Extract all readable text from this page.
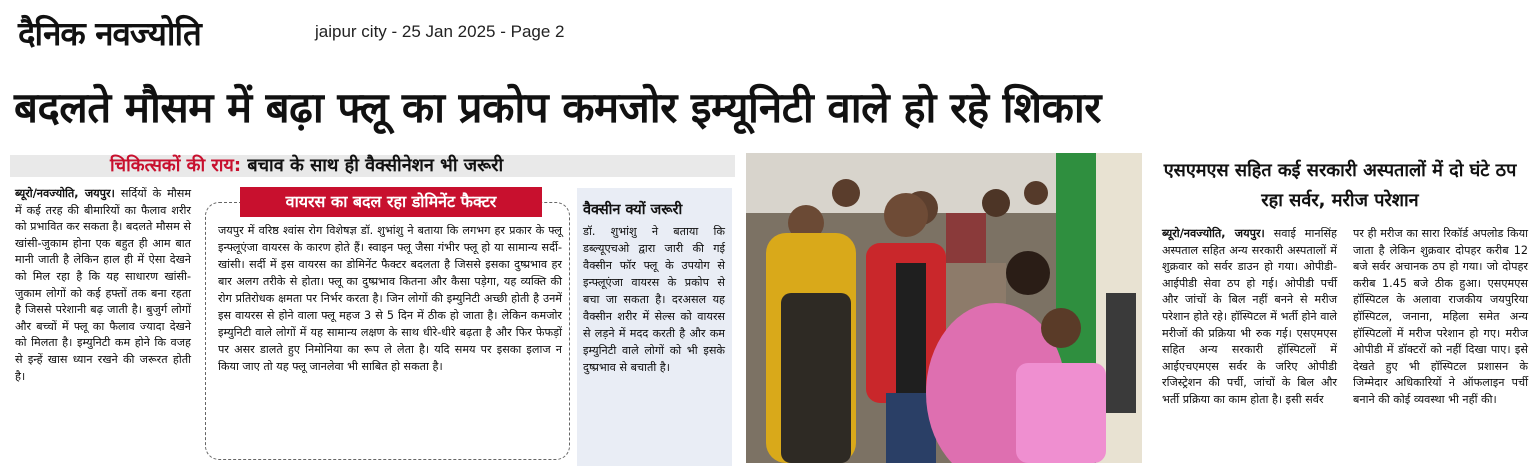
दैनिक नवज्योति	jaipur city - 25 Jan 2025 - Page 2
बदलते मौसम में बढ़ा फ्लू का प्रकोप कमजोर इम्यूनिटी वाले हो रहे शिकार
चिकित्सकों की राय: बचाव के साथ ही वैक्सीनेशन भी जरूरी
ब्यूरो/नवज्योति, जयपुर। सर्दियों के मौसम में कई तरह की बीमारियों का फैलाव शरीर को प्रभावित कर सकता है। बदलते मौसम से खांसी-जुकाम होना एक बहुत ही आम बात मानी जाती है लेकिन हाल ही में ऐसा देखने को मिल रहा है कि यह साधारण खांसी-जुकाम लोगों को कई हफ्तों तक बना रहता है जिससे परेशानी बढ़ जाती है। बुजुर्ग लोगों और बच्चों में फ्लू का फैलाव ज्यादा देखने को मिलता है। इम्युनिटी कम होने कि वजह से इन्हें खास ध्यान रखने की जरूरत होती है।
वायरस का बदल रहा डोमिनेंट फैक्टर
जयपुर में वरिष्ठ श्वांस रोग विशेषज्ञ डॉ. शुभांशु ने बताया कि लगभग हर प्रकार के फ्लू इन्फ्लूएंजा वायरस के कारण होते हैं। स्वाइन फ्लू जैसा गंभीर फ्लू हो या सामान्य सर्दी-खांसी। सर्दी में इस वायरस का डोमिनेंट फैक्टर बदलता है जिससे इसका दुष्प्रभाव हर बार अलग तरीके से होता। फ्लू का दुष्प्रभाव कितना और कैसा पड़ेगा, यह व्यक्ति की रोग प्रतिरोधक क्षमता पर निर्भर करता है। जिन लोगों की इम्युनिटी अच्छी होती है उनमें इस वायरस से होने वाला फ्लू महज 3 से 5 दिन में ठीक हो जाता है। लेकिन कमजोर इम्युनिटी वाले लोगों में यह सामान्य लक्षण के साथ धीरे-धीरे बढ़ता है और फिर फेफड़ों पर असर डालते हुए निमोनिया का रूप ले लेता है। यदि समय पर इसका इलाज न किया जाए तो यह फ्लू जानलेवा भी साबित हो सकता है।
वैक्सीन क्यों जरूरी
डॉ. शुभांशु ने बताया कि डब्ल्यूएचओ द्वारा जारी की गई वैक्सीन फॉर फ्लू के उपयोग से इन्फ्लूएंजा वायरस के प्रकोप से बचा जा सकता है। दरअसल यह वैक्सीन शरीर में सेल्स को वायरस से लड़ने में मदद करती है और कम इम्युनिटी वाले लोगों को भी इसके दुष्प्रभाव से बचाती है।
एसएमएस सहित कई सरकारी अस्पतालों में दो घंटे ठप रहा सर्वर, मरीज परेशान
ब्यूरो/नवज्योति, जयपुर। सवाई मानसिंह अस्पताल सहित अन्य सरकारी अस्पतालों में शुक्रवार को सर्वर डाउन हो गया। ओपीडी-आईपीडी सेवा ठप हो गई। ओपीडी पर्ची और जांचों के बिल नहीं बनने से मरीज परेशान होते रहे। हॉस्पिटल में भर्ती होने वाले मरीजों की प्रक्रिया भी रुक गई। एसएमएस सहित अन्य सरकारी हॉस्पिटलों में आईएचएमएस सर्वर के जरिए ओपीडी रजिस्ट्रेशन की पर्ची, जांचों के बिल और भर्ती प्रक्रिया का काम होता है। इसी सर्वर
पर ही मरीज का सारा रिकॉर्ड अपलोड किया जाता है लेकिन शुक्रवार दोपहर करीब 12 बजे सर्वर अचानक ठप हो गया। जो दोपहर करीब 1.45 बजे ठीक हुआ। एसएमएस हॉस्पिटल के अलावा राजकीय जयपुरिया हॉस्पिटल, जनाना, महिला समेत अन्य हॉस्पिटलों में मरीज परेशान हो गए। मरीज ओपीडी में डॉक्टरों को नहीं दिखा पाए। इसे देखते हुए भी हॉस्पिटल प्रशासन के जिम्मेदार अधिकारियों ने ऑफलाइन पर्ची बनाने की कोई व्यवस्था भी नहीं की।
